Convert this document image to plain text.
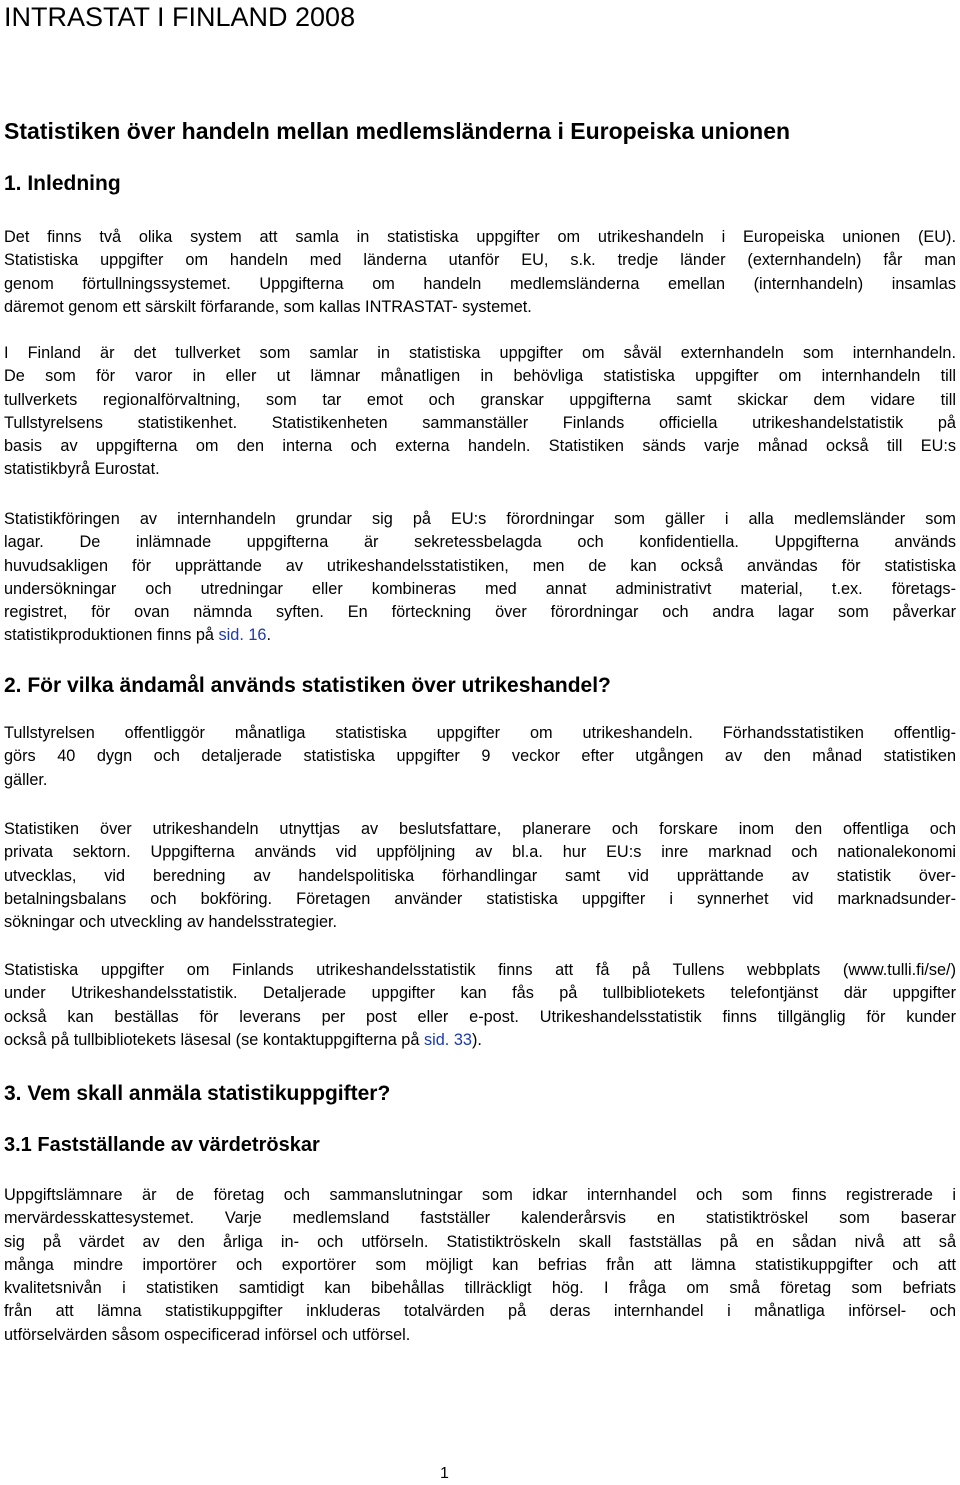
INTRASTAT I FINLAND 2008
Statistiken över handeln mellan medlemsländerna i Europeiska unionen
1. Inledning
Det finns två olika system att samla in statistiska uppgifter om utrikeshandeln i Europeiska unionen (EU).
Statistiska uppgifter om handeln med länderna utanför EU, s.k. tredje länder (externhandeln) får man
genom förtullningssystemet. Uppgifterna om handeln medlemsländerna emellan (internhandeln) insamlas
däremot genom ett särskilt förfarande, som kallas INTRASTAT- systemet.
I Finland är det tullverket som samlar in statistiska uppgifter om såväl externhandeln som internhandeln.
De som för varor in eller ut lämnar månatligen in behövliga statistiska uppgifter om internhandeln till
tullverkets regionalförvaltning, som tar emot och granskar uppgifterna samt skickar dem vidare till
Tullstyrelsens statistikenhet. Statistikenheten sammanställer Finlands officiella utrikeshandelstatistik på
basis av uppgifterna om den interna och externa handeln. Statistiken sänds varje månad också till EU:s
statistikbyrå Eurostat.
Statistikföringen av internhandeln grundar sig på EU:s förordningar som gäller i alla medlemsländer som
lagar. De inlämnade uppgifterna är sekretessbelagda och konfidentiella. Uppgifterna används
huvudsakligen för upprättande av utrikeshandelsstatistiken, men de kan också användas för statistiska
undersökningar och utredningar eller kombineras med annat administrativt material, t.ex. företags-
registret, för ovan nämnda syften. En förteckning över förordningar och andra lagar som påverkar
statistikproduktionen finns på sid. 16.
2. För vilka ändamål används statistiken över utrikeshandel?
Tullstyrelsen offentliggör månatliga statistiska uppgifter om utrikeshandeln. Förhandsstatistiken offentlig-
görs 40 dygn och detaljerade statistiska uppgifter 9 veckor efter utgången av den månad statistiken
gäller.
Statistiken över utrikeshandeln utnyttjas av beslutsfattare, planerare och forskare inom den offentliga och
privata sektorn. Uppgifterna används vid uppföljning av bl.a. hur EU:s inre marknad och nationalekonomi
utvecklas, vid beredning av handelspolitiska förhandlingar samt vid upprättande av statistik över-
betalningsbalans och bokföring. Företagen använder statistiska uppgifter i synnerhet vid marknadsunder-
sökningar och utveckling av handelsstrategier.
Statistiska uppgifter om Finlands utrikeshandelsstatistik finns att få på Tullens webbplats (www.tulli.fi/se/)
under Utrikeshandelsstatistik. Detaljerade uppgifter kan fås på tullbibliotekets telefontjänst där uppgifter
också kan beställas för leverans per post eller e-post. Utrikeshandelsstatistik finns tillgänglig för kunder
också på tullbibliotekets läsesal (se kontaktuppgifterna på sid. 33).
3. Vem skall anmäla statistikuppgifter?
3.1 Fastställande av värdetröskar
Uppgiftslämnare är de företag och sammanslutningar som idkar internhandel och som finns registrerade i
mervärdesskattesystemet. Varje medlemsland fastställer kalenderårsvis en statistiktröskel som baserar
sig på värdet av den årliga in- och utförseln. Statistiktröskeln skall fastställas på en sådan nivå att så
många mindre importörer och exportörer som möjligt kan befrias från att lämna statistikuppgifter och att
kvalitetsnivån i statistiken samtidigt kan bibehållas tillräckligt hög. I fråga om små företag som befriats
från att lämna statistikuppgifter inkluderas totalvärden på deras internhandel i månatliga införsel- och
utförselvärden såsom ospecificerad införsel och utförsel.
1
